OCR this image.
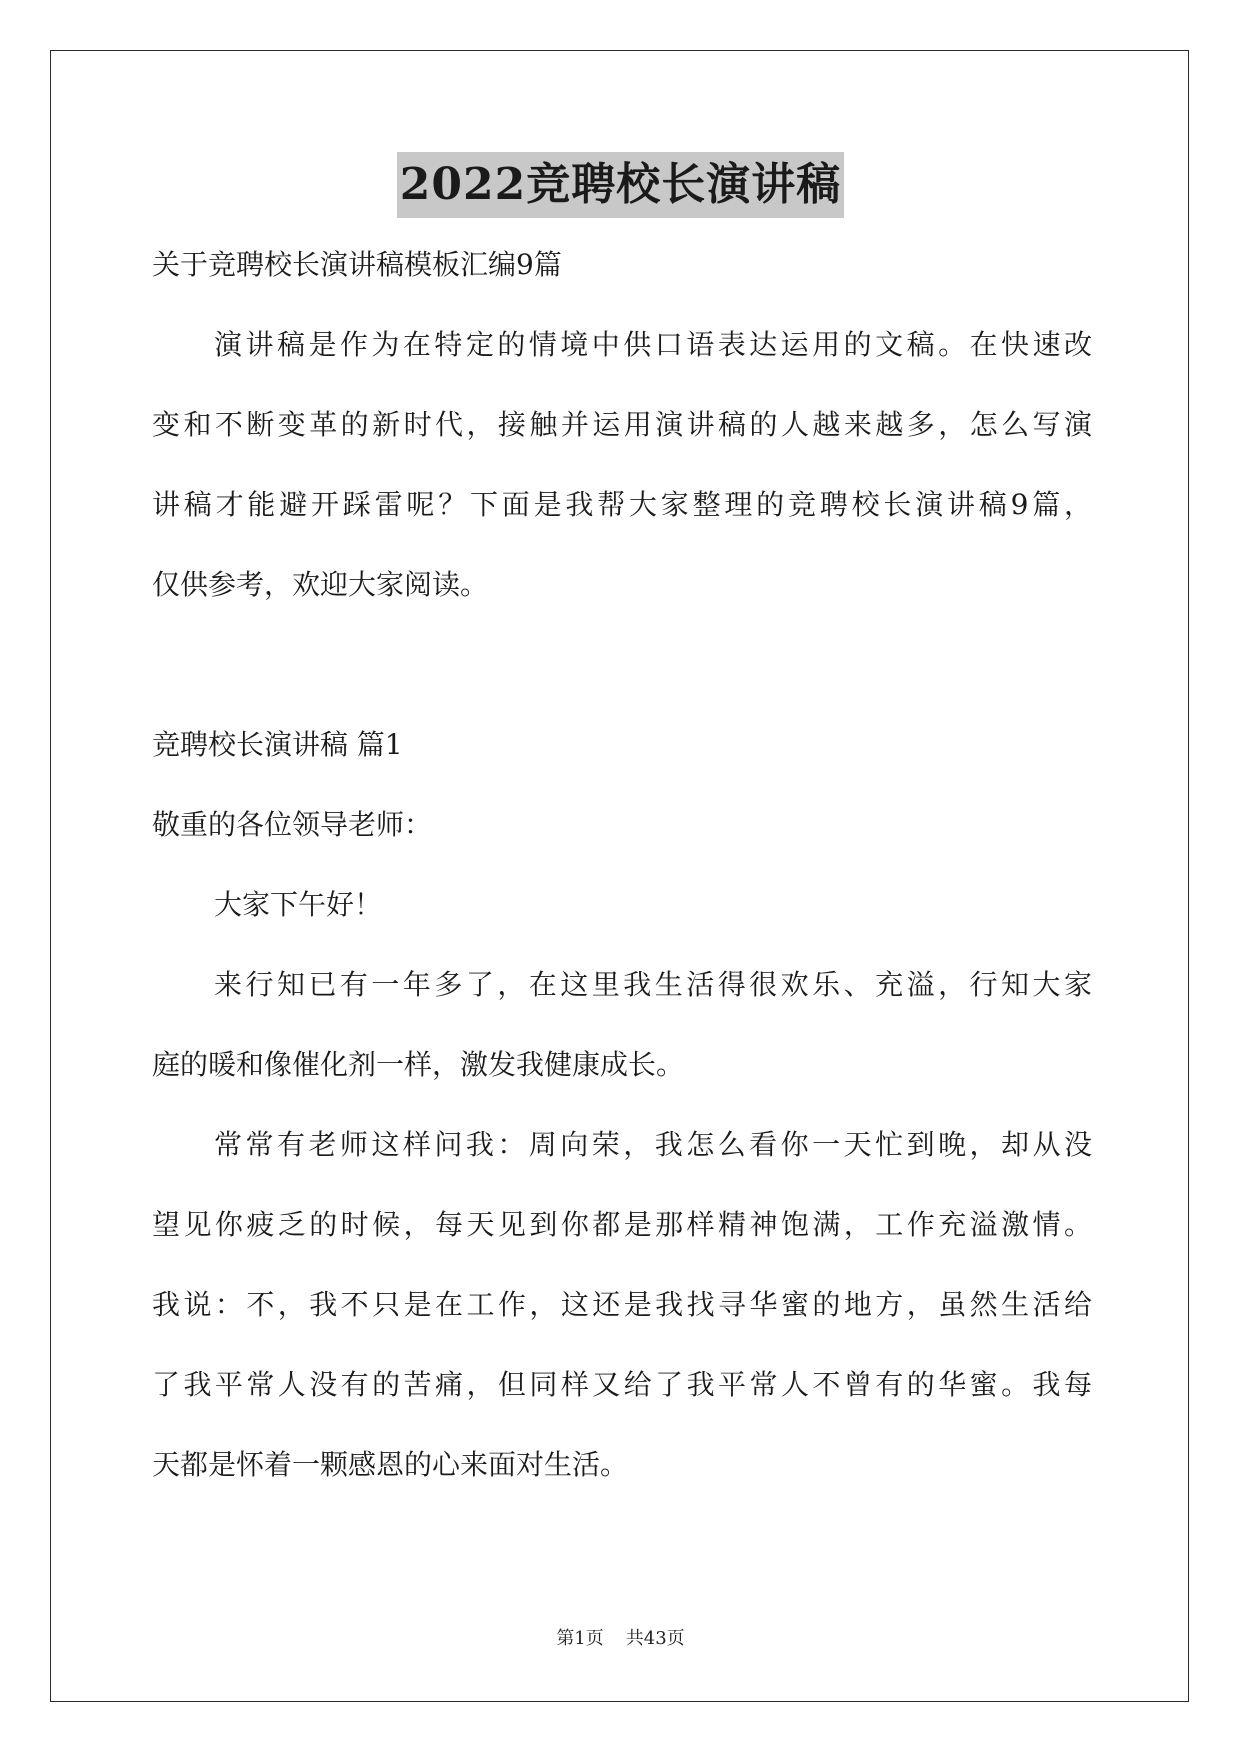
2022竞聘校长演讲稿

关于竞聘校长演讲稿模板汇编9篇

演讲稿是作为在特定的情境中供口语表达运用的文稿。在快速改

变和不断变革的新时代，接触并运用演讲稿的人越来越多，怎么写演

讲稿才能避开踩雷呢？下面是我帮大家整理的竞聘校长演讲稿9篇，

仅供参考，欢迎大家阅读。

竞聘校长演讲稿 篇1

敬重的各位领导老师：

大家下午好！

来行知已有一年多了，在这里我生活得很欢乐、充溢，行知大家

庭的暖和像催化剂一样，激发我健康成长。

常常有老师这样问我：周向荣，我怎么看你一天忙到晚，却从没

望见你疲乏的时候，每天见到你都是那样精神饱满，工作充溢激情。

我说：不，我不只是在工作，这还是我找寻华蜜的地方，虽然生活给

了我平常人没有的苦痛，但同样又给了我平常人不曾有的华蜜。我每

天都是怀着一颗感恩的心来面对生活。

第1页 共43页
